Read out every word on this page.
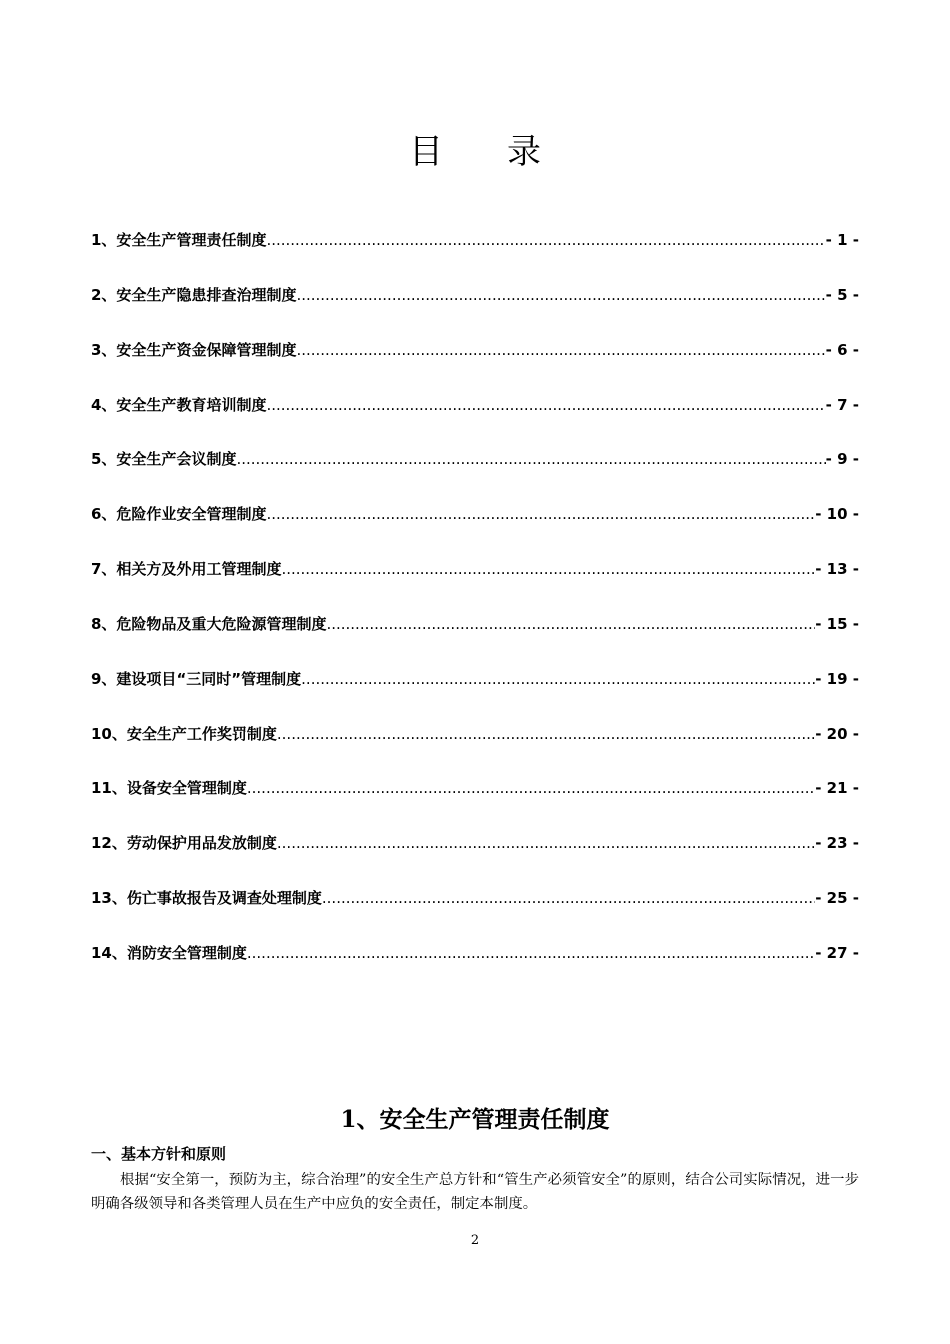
目录
1、安全生产管理责任制度 .....	- 1 -
2、安全生产隐患排查治理制度 .....	- 5 -
3、安全生产资金保障管理制度 .....	- 6 -
4、安全生产教育培训制度 .....	- 7 -
5、安全生产会议制度 .....	- 9 -
6、危险作业安全管理制度 .....	- 10 -
7、相关方及外用工管理制度 .....	- 13 -
8、危险物品及重大危险源管理制度 .....	- 15 -
9、建设项目“三同时”管理制度 .....	- 19 -
10、安全生产工作奖罚制度 .....	- 20 -
11、设备安全管理制度 .....	- 21 -
12、劳动保护用品发放制度 .....	- 23 -
13、伤亡事故报告及调查处理制度 .....	- 25 -
14、消防安全管理制度 .....	- 27 -
1、安全生产管理责任制度
一、基本方针和原则

根据“安全第一，预防为主，综合治理”的安全生产总方针和“管生产必须管安全”的原则，结合公司实际情况，进一步明确各级领导和各类管理人员在生产中应负的安全责任，制定本制度。

2
